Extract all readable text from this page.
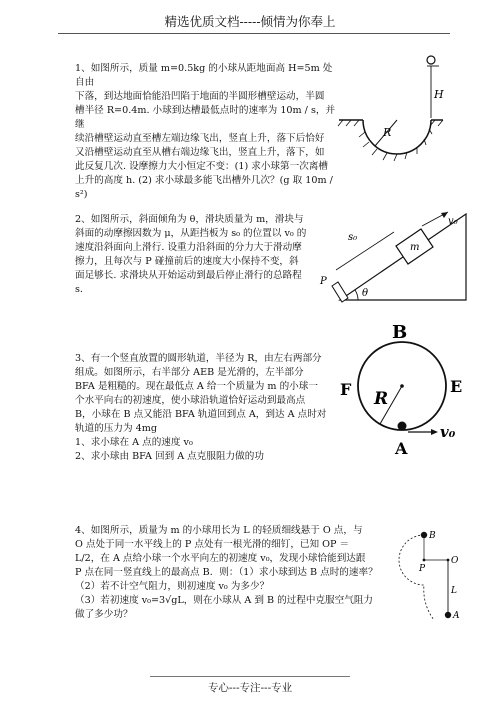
精选优质文档-----倾情为你奉上

1、如图所示，质量 m=0.5kg 的小球从距地面高 H=5m 处自由

下落，到达地面恰能沿凹陷于地面的半圆形槽壁运动，半圆

槽半径 R=0.4m. 小球到达槽最低点时的速率为 10m / s，并继

续沿槽壁运动直至槽左端边缘飞出，竖直上升，落下后恰好

又沿槽壁运动直至从槽右端边缘飞出，竖直上升，落下，如

此反复几次. 设摩擦力大小恒定不变：(1) 求小球第一次离槽

上升的高度 h. (2) 求小球最多能飞出槽外几次？(g 取 10m / s²)

R
H

2、如图所示，斜面倾角为 θ，滑块质量为 m，滑块与

斜面的动摩擦因数为 μ，从距挡板为 s₀ 的位置以 v₀ 的

速度沿斜面向上滑行. 设重力沿斜面的分力大于滑动摩

擦力，且每次与 P 碰撞前后的速度大小保持不变，斜

面足够长. 求滑块从开始运动到最后停止滑行的总路程

s.

P
θ
m
s₀
v₀

3、有一个竖直放置的圆形轨道，半径为 R，由左右两部分

组成。如图所示，右半部分 AEB 是光滑的，左半部分

BFA 是粗糙的。现在最低点 A 给一个质量为 m 的小球一

个水平向右的初速度，使小球沿轨道恰好运动到最高点

B，小球在 B 点又能沿 BFA 轨道回到点 A，到达 A 点时对

轨道的压力为 4mg

1、求小球在 A 点的速度 v₀

2、求小球由 BFA 回到 A 点克服阻力做的功

B
F	E
R
v₀
A

4、如图所示，质量为 m 的小球用长为 L 的轻质细线悬于 O 点，与

O 点处于同一水平线上的 P 点处有一根光滑的细钉，已知 OP ＝

L/2，在 A 点给小球一个水平向左的初速度 v₀，发现小球恰能到达跟

P 点在同一竖直线上的最高点 B．则：（1）求小球到达 B 点时的速率？

（2）若不计空气阻力，则初速度 v₀ 为多少？

（3）若初速度 v₀=3√gL，则在小球从 A 到 B 的过程中克服空气阻力

做了多少功？

B
P
O
L
A
专心---专注---专业
